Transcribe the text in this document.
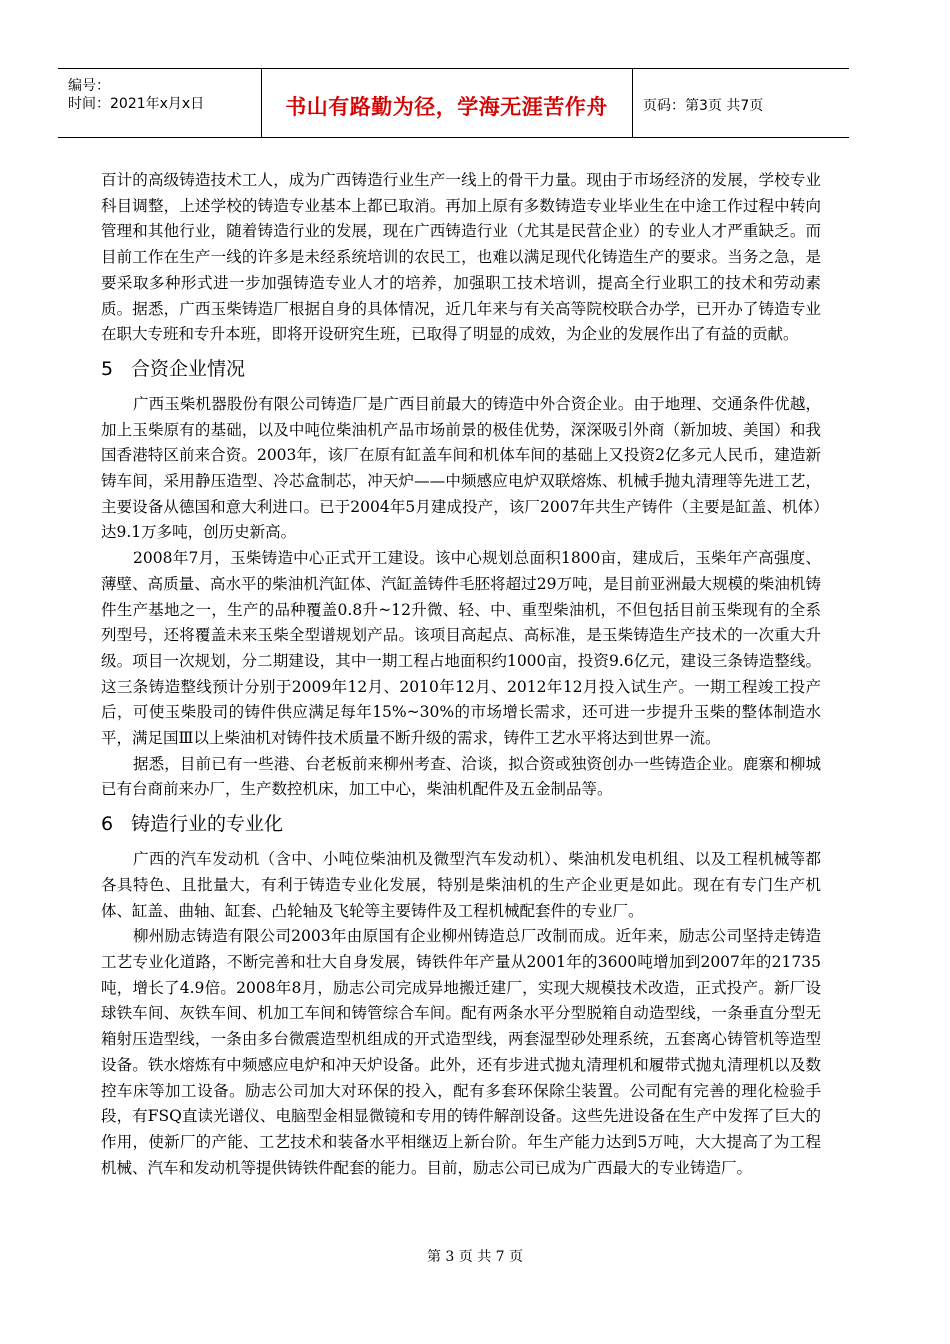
编号：
时间：2021年x月x日	书山有路勤为径，学海无涯苦作舟	页码：第3页 共7页

百计的高级铸造技术工人，成为广西铸造行业生产一线上的骨干力量。现由于市场经济的发展，学校专业科目调整，上述学校的铸造专业基本上都已取消。再加上原有多数铸造专业毕业生在中途工作过程中转向管理和其他行业，随着铸造行业的发展，现在广西铸造行业（尤其是民营企业）的专业人才严重缺乏。而目前工作在生产一线的许多是未经系统培训的农民工，也难以满足现代化铸造生产的要求。当务之急，是要采取多种形式进一步加强铸造专业人才的培养，加强职工技术培训，提高全行业职工的技术和劳动素质。据悉，广西玉柴铸造厂根据自身的具体情况，近几年来与有关高等院校联合办学，已开办了铸造专业在职大专班和专升本班，即将开设研究生班，已取得了明显的成效，为企业的发展作出了有益的贡献。

5 合资企业情况

广西玉柴机器股份有限公司铸造厂是广西目前最大的铸造中外合资企业。由于地理、交通条件优越，加上玉柴原有的基础，以及中吨位柴油机产品市场前景的极佳优势，深深吸引外商（新加坡、美国）和我国香港特区前来合资。2003年，该厂在原有缸盖车间和机体车间的基础上又投资2亿多元人民币，建造新铸车间，采用静压造型、冷芯盒制芯，冲天炉——中频感应电炉双联熔炼、机械手抛丸清理等先进工艺，主要设备从德国和意大利进口。已于2004年5月建成投产，该厂2007年共生产铸件（主要是缸盖、机体）达9.1万多吨，创历史新高。

2008年7月，玉柴铸造中心正式开工建设。该中心规划总面积1800亩，建成后，玉柴年产高强度、薄壁、高质量、高水平的柴油机汽缸体、汽缸盖铸件毛胚将超过29万吨，是目前亚洲最大规模的柴油机铸件生产基地之一，生产的品种覆盖0.8升~12升微、轻、中、重型柴油机，不但包括目前玉柴现有的全系列型号，还将覆盖未来玉柴全型谱规划产品。该项目高起点、高标准，是玉柴铸造生产技术的一次重大升级。项目一次规划，分二期建设，其中一期工程占地面积约1000亩，投资9.6亿元，建设三条铸造整线。这三条铸造整线预计分别于2009年12月、2010年12月、2012年12月投入试生产。一期工程竣工投产后，可使玉柴股司的铸件供应满足每年15%~30%的市场增长需求，还可进一步提升玉柴的整体制造水平，满足国Ⅲ以上柴油机对铸件技术质量不断升级的需求，铸件工艺水平将达到世界一流。

据悉，目前已有一些港、台老板前来柳州考查、洽谈，拟合资或独资创办一些铸造企业。鹿寨和柳城已有台商前来办厂，生产数控机床，加工中心，柴油机配件及五金制品等。

6 铸造行业的专业化

广西的汽车发动机（含中、小吨位柴油机及微型汽车发动机）、柴油机发电机组、以及工程机械等都各具特色、且批量大，有利于铸造专业化发展，特别是柴油机的生产企业更是如此。现在有专门生产机体、缸盖、曲轴、缸套、凸轮轴及飞轮等主要铸件及工程机械配套件的专业厂。

柳州励志铸造有限公司2003年由原国有企业柳州铸造总厂改制而成。近年来，励志公司坚持走铸造工艺专业化道路，不断完善和壮大自身发展，铸铁件年产量从2001年的3600吨增加到2007年的21735吨，增长了4.9倍。2008年8月，励志公司完成异地搬迁建厂，实现大规模技术改造，正式投产。新厂设球铁车间、灰铁车间、机加工车间和铸管综合车间。配有两条水平分型脱箱自动造型线，一条垂直分型无箱射压造型线，一条由多台微震造型机组成的开式造型线，两套湿型砂处理系统，五套离心铸管机等造型设备。铁水熔炼有中频感应电炉和冲天炉设备。此外，还有步进式抛丸清理机和履带式抛丸清理机以及数控车床等加工设备。励志公司加大对环保的投入，配有多套环保除尘装置。公司配有完善的理化检验手段，有FSQ直读光谱仪、电脑型金相显微镜和专用的铸件解剖设备。这些先进设备在生产中发挥了巨大的作用，使新厂的产能、工艺技术和装备水平相继迈上新台阶。年生产能力达到5万吨，大大提高了为工程机械、汽车和发动机等提供铸铁件配套的能力。目前，励志公司已成为广西最大的专业铸造厂。

第 3 页 共 7 页
